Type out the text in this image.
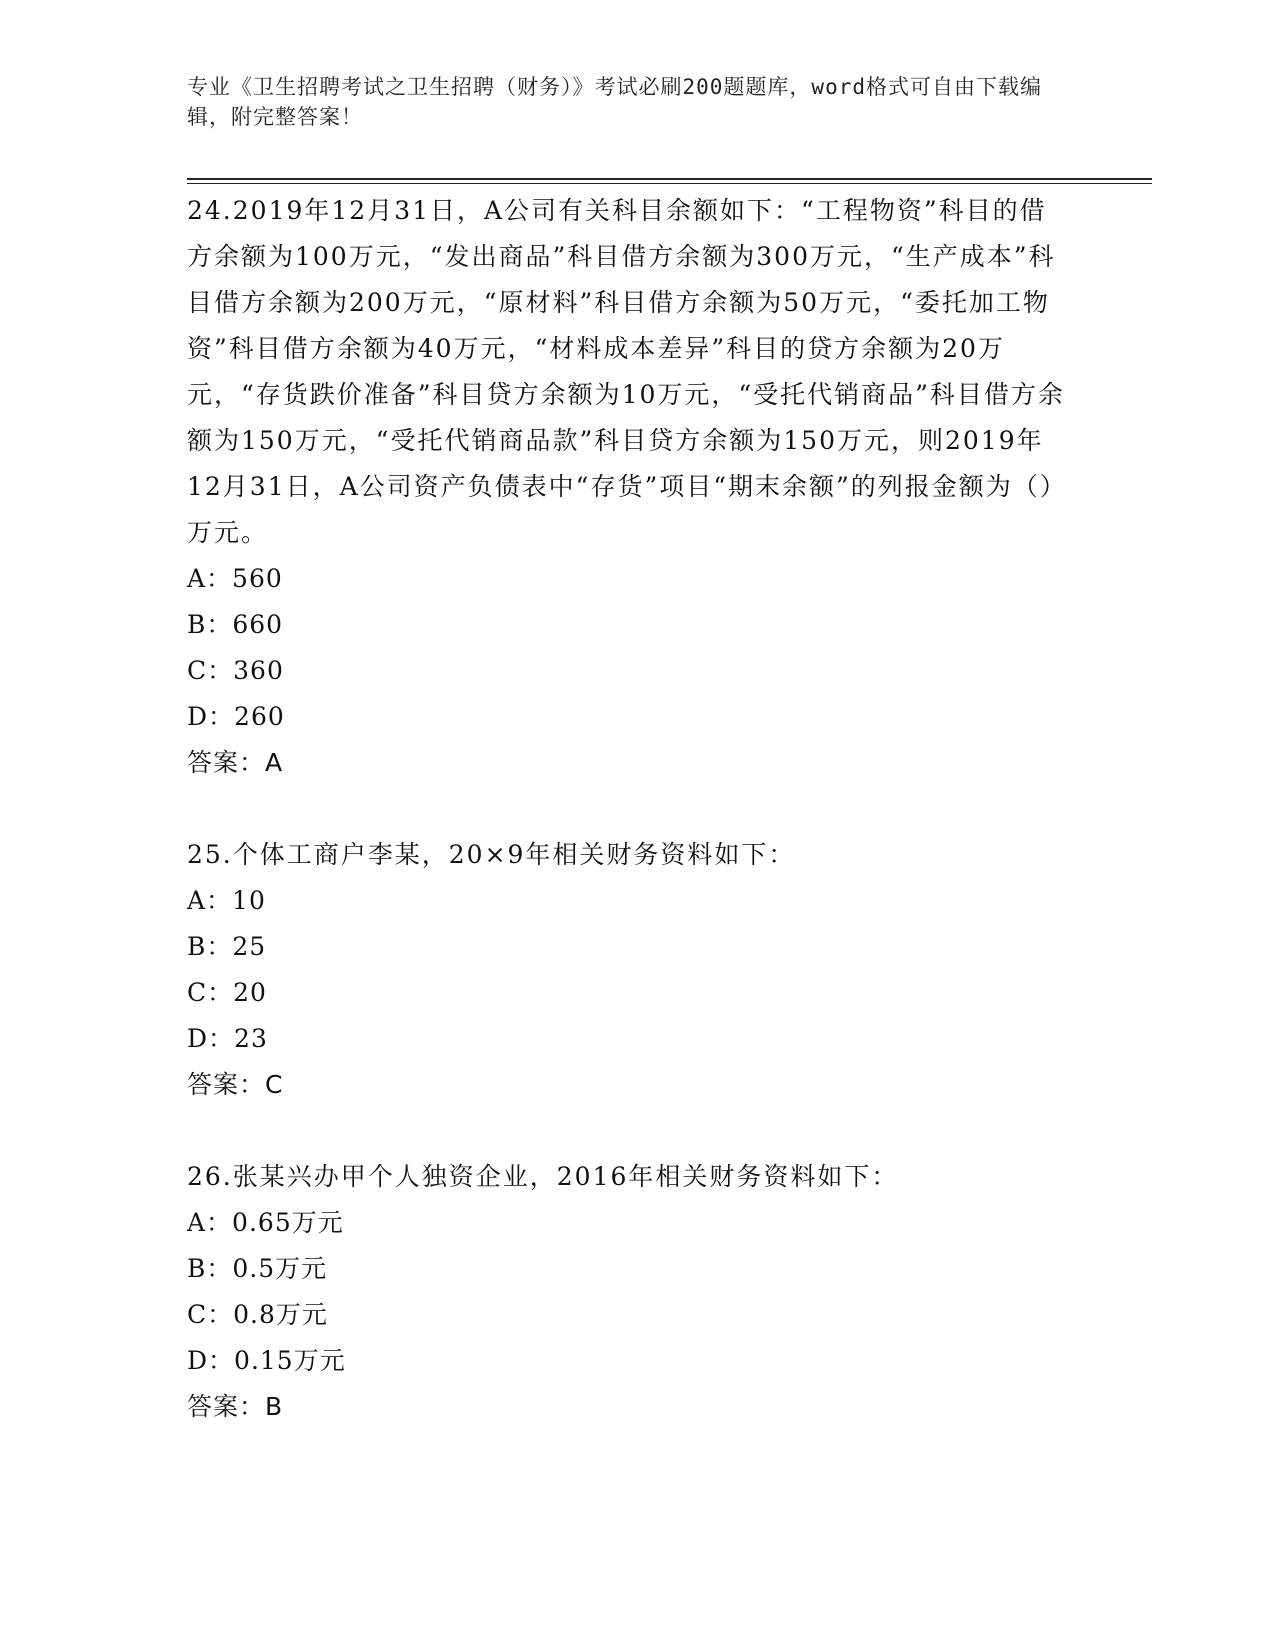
专业《卫生招聘考试之卫生招聘（财务）》考试必刷200题题库，word格式可自由下载编辑，附完整答案！

24.2019年12月31日，A公司有关科目余额如下：“工程物资”科目的借方余额为100万元，“发出商品”科目借方余额为300万元，“生产成本”科目借方余额为200万元，“原材料”科目借方余额为50万元，“委托加工物资”科目借方余额为40万元，“材料成本差异”科目的贷方余额为20万元，“存货跌价准备”科目贷方余额为10万元，“受托代销商品”科目借方余额为150万元，“受托代销商品款”科目贷方余额为150万元，则2019年12月31日，A公司资产负债表中“存货”项目“期末余额”的列报金额为（）万元。

A：560

B：660

C：360

D：260

答案：A

25.个体工商户李某，20×9年相关财务资料如下：

A：10

B：25

C：20

D：23

答案：C

26.张某兴办甲个人独资企业，2016年相关财务资料如下：

A：0.65万元

B：0.5万元

C：0.8万元

D：0.15万元

答案：B
